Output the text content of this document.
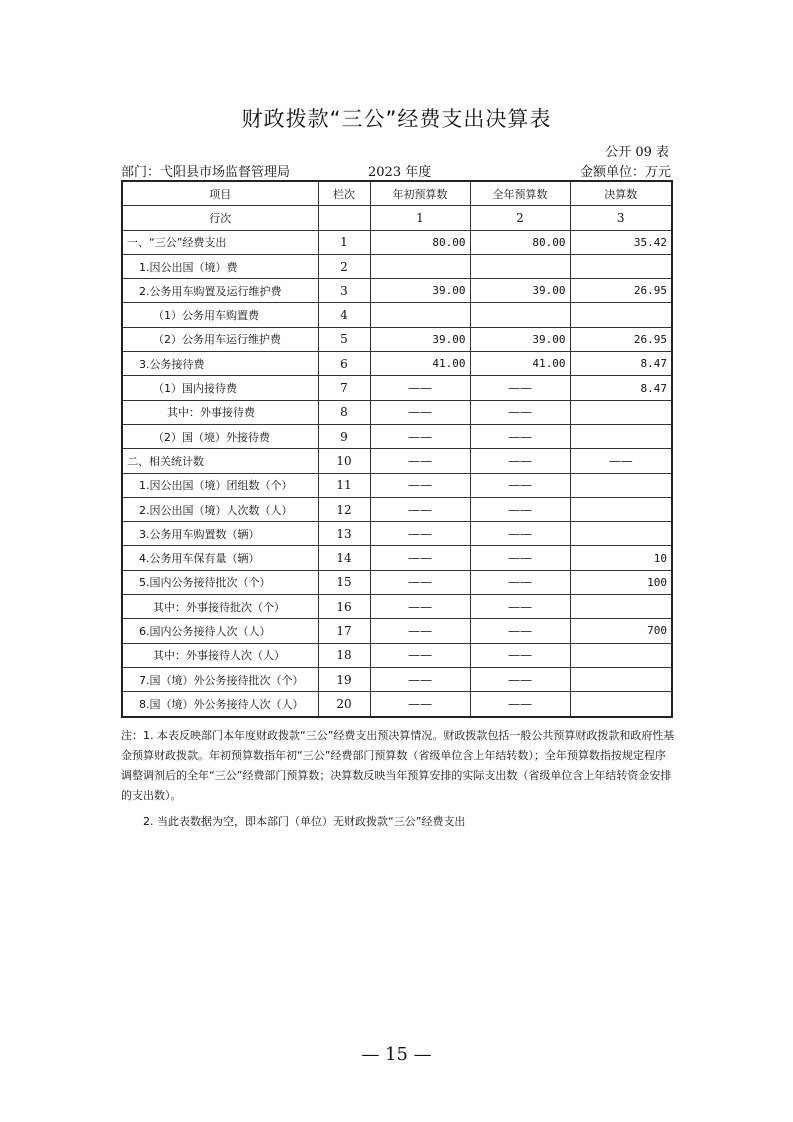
财政拨款“三公”经费支出决算表
公开 09 表
部门：弋阳县市场监督管理局	2023 年度	金额单位：万元
项目	栏次	年初预算数	全年预算数	决算数
行次		1	2	3
一、“三公”经费支出	1	80.00	80.00	35.42
1.因公出国（境）费	2			
2.公务用车购置及运行维护费	3	39.00	39.00	26.95
（1）公务用车购置费	4			
（2）公务用车运行维护费	5	39.00	39.00	26.95
3.公务接待费	6	41.00	41.00	8.47
（1）国内接待费	7	——	——	8.47
其中：外事接待费	8	——	——	
（2）国（境）外接待费	9	——	——	
二、相关统计数	10	——	——	——
1.因公出国（境）团组数（个）	11	——	——	
2.因公出国（境）人次数（人）	12	——	——	
3.公务用车购置数（辆）	13	——	——	
4.公务用车保有量（辆）	14	——	——	10
5.国内公务接待批次（个）	15	——	——	100
其中：外事接待批次（个）	16	——	——	
6.国内公务接待人次（人）	17	——	——	700
其中：外事接待人次（人）	18	——	——	
7.国（境）外公务接待批次（个）	19	——	——	
8.国（境）外公务接待人次（人）	20	——	——	
注：1. 本表反映部门本年度财政拨款“三公”经费支出预决算情况。财政拨款包括一般公共预算财政拨款和政府性基金预算财政拨款。年初预算数指年初“三公”经费部门预算数（省级单位含上年结转数）；全年预算数指按规定程序调整调剂后的全年“三公”经费部门预算数；决算数反映当年预算安排的实际支出数（省级单位含上年结转资金安排的支出数）。
2. 当此表数据为空，即本部门（单位）无财政拨款“三公”经费支出
— 15 —
